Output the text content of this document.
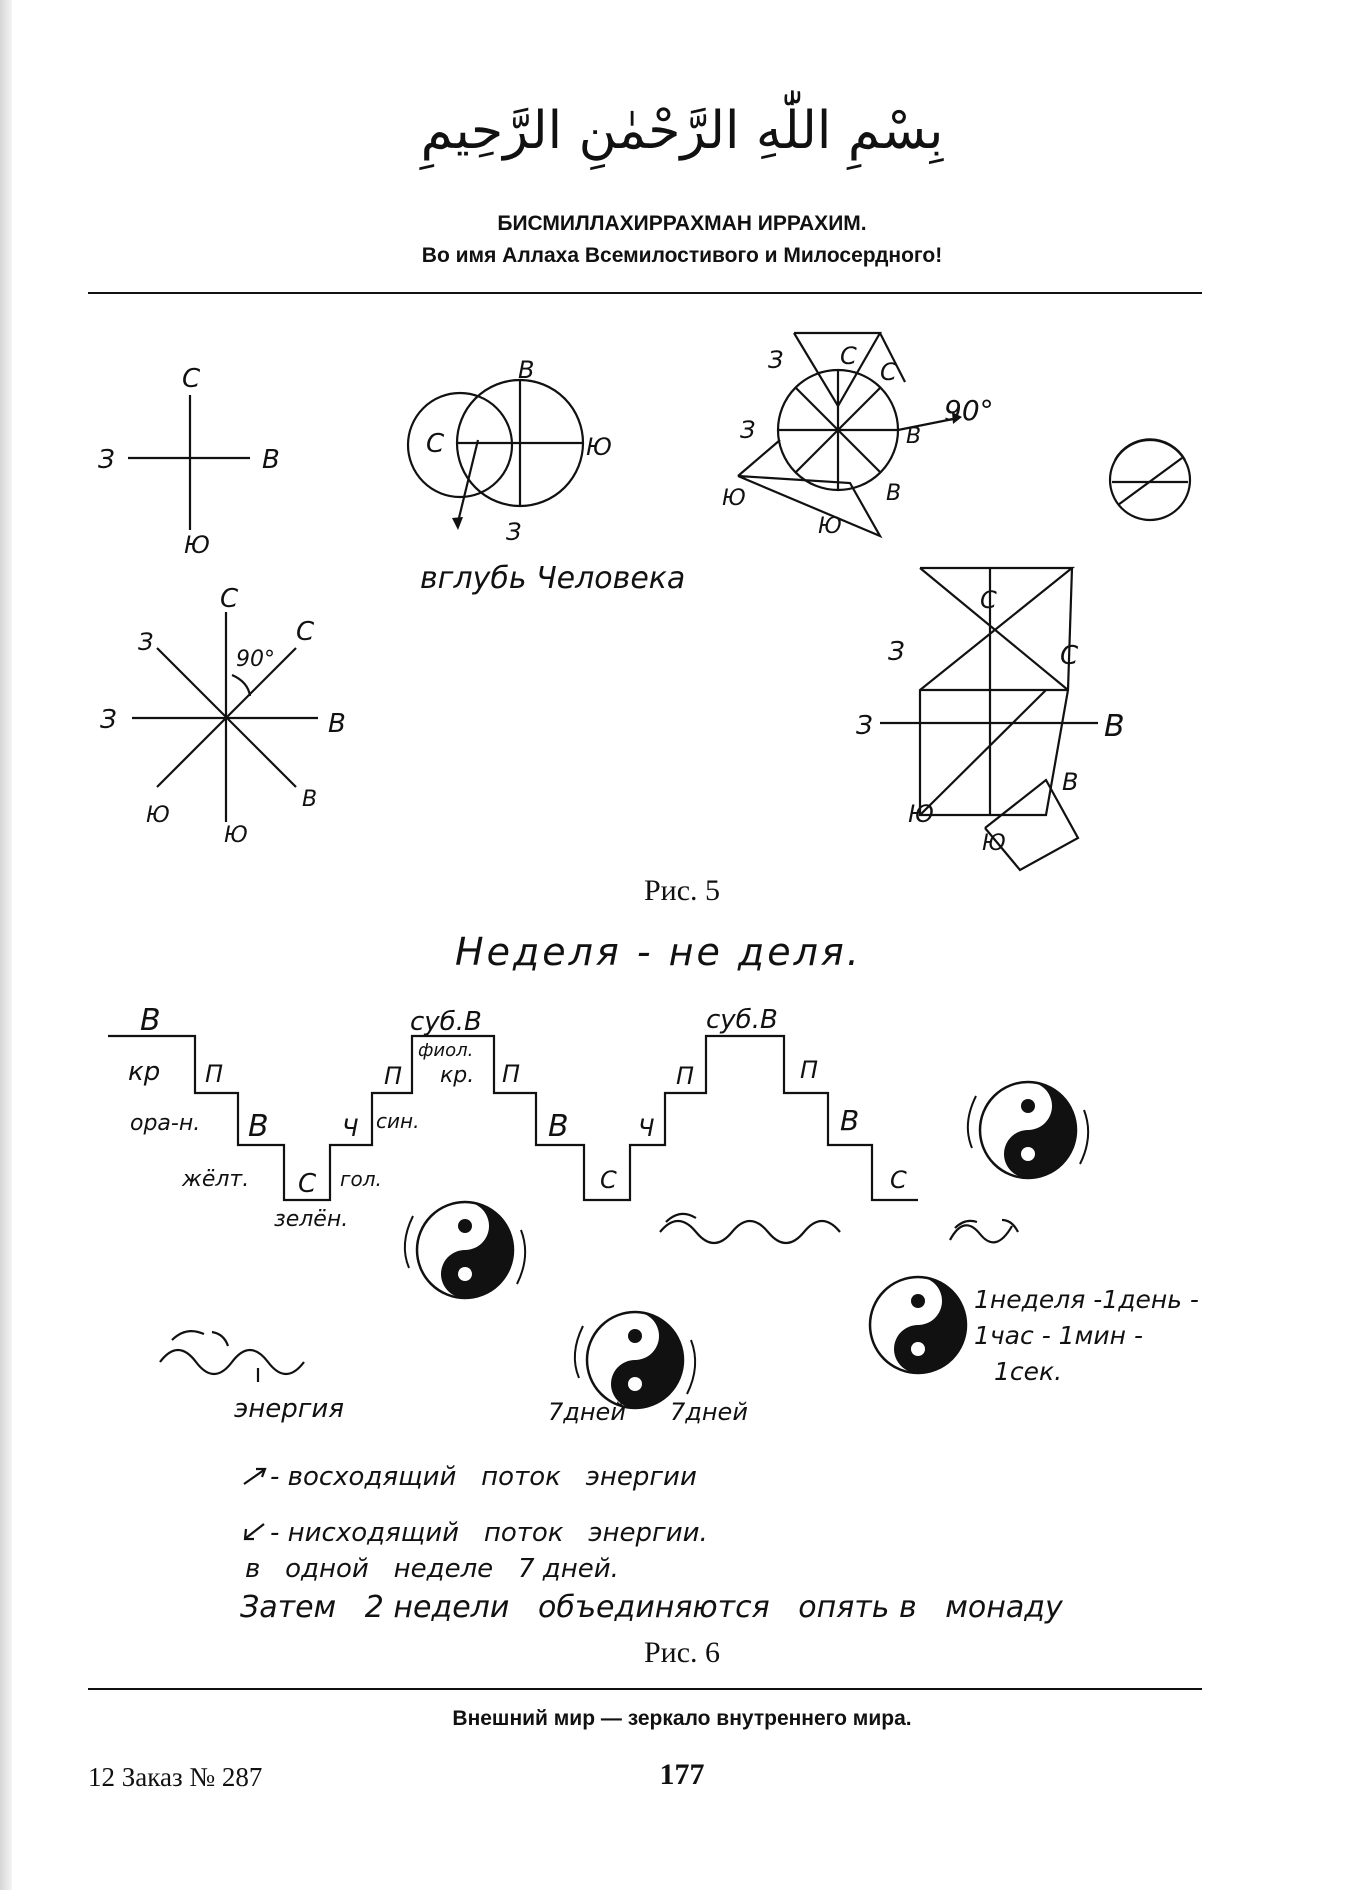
بِسْمِ اللّٰهِ الرَّحْمٰنِ الرَّحِيمِ
БИСМИЛЛАХИРРАХМАН ИРРАХИМ.
Во имя Аллаха Всемилостивого и Милосердного!
С
З	В
Ю
В
С	Ю
З
вглубь Человека
З С
С
З	В
90°
Ю
Ю
В
С
З
90°
С
З	В
Ю
Ю
В
С
З	С
З	В
В
Ю
Ю
Рис. 5
Неделя - не деля.
В
кр П
ора-н. В
жёлт. С гол.
зелён.
Ч син.
П
суб.В
фиол.
кр. П
В
С
Ч
П
суб.В
П
В
С
энергия	7дней 7дней
1неделя -1день -
1час - 1мин -
1сек.
- восходящий   поток   энергии
- нисходящий   поток   энергии.
в   одной   неделе   7 дней.
Затем   2 недели   объединяются   опять в   монаду
Рис. 6
Внешний мир — зеркало внутреннего мира.
12 Заказ № 287	177
